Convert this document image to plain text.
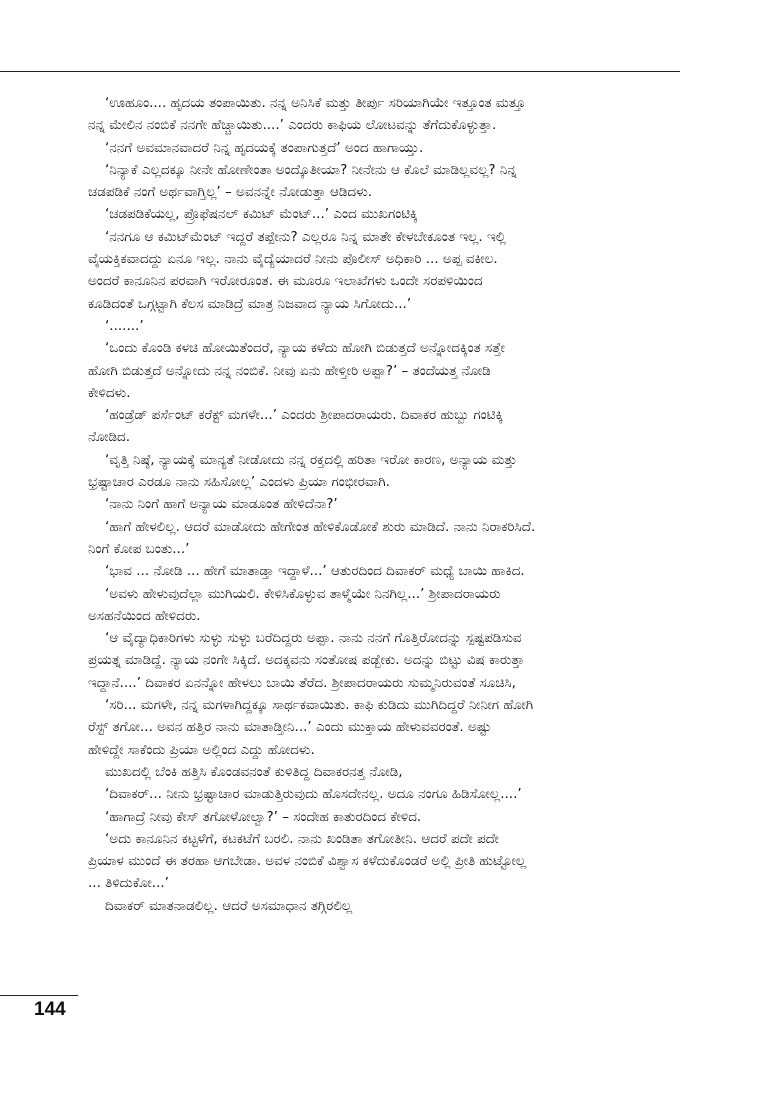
‘ಊಹೂಂ.... ಹೃದಯ ತಂಪಾಯಿತು. ನನ್ನ ಅನಿಸಿಕೆ ಮತ್ತು ತೀರ್ಪು ಸರಿಯಾಗಿಯೇ ಇತ್ತೂಂತ ಮತ್ತೂ
ನನ್ನ ಮೇಲಿನ ನಂಬಿಕೆ ನನಗೇ ಹೆಚ್ಚಾಯಿತು....’ ಎಂದರು ಕಾಫಿಯ ಲೋಟವನ್ನು ತೆಗೆದುಕೊಳ್ಳುತ್ತಾ.
‘ನನಗೆ ಅವಮಾನವಾದರೆ ನಿನ್ನ ಹೃದಯಕ್ಕೆ ತಂಪಾಗುತ್ತದೆ’ ಅಂದ ಹಾಗಾಯ್ತು.
‘ನಿನ್ಯಾಕೆ ಎಲ್ಲದಕ್ಕೂ ನೀನೇ ಹೋಣೇಂತಾ ಅಂದ್ಕೊತೀಯಾ? ನೀನೇನು ಆ ಕೊಲೆ ಮಾಡಿಲ್ಲವಲ್ಲ? ನಿನ್ನ
ಚಡಪಡಿಕೆ ನಂಗೆ ಅರ್ಥವಾಗ್ತಿಲ್ಲ’ – ಅವನನ್ನೇ ನೋಡುತ್ತಾ ಆಡಿದಳು.
‘ಚಡಪಡಿಕೆಯಲ್ಲ, ಪ್ರೊಫೆಷನಲ್ ಕಮಿಟ್ ಮೆಂಟ್...’ ಎಂದ ಮುಖಗಂಟಿಕ್ಕಿ
‘ನನಗೂ ಆ ಕಮಿಟ್‌ಮೆಂಟ್ ಇದ್ದರೆ ತಪ್ಪೇನು? ಎಲ್ಲರೂ ನಿನ್ನ ಮಾತೇ ಕೇಳಬೇಕೂಂತ ಇಲ್ಲ. ಇಲ್ಲಿ
ವೈಯಕ್ತಿಕವಾದದ್ದು ಏನೂ ಇಲ್ಲ. ನಾನು ವೈದ್ಯೆಯಾದರೆ ನೀನು ಪೊಲೀಸ್ ಅಧಿಕಾರಿ ... ಅಪ್ಪ ವಕೀಲ.
ಅಂದರೆ ಕಾನೂನಿನ ಪರವಾಗಿ ಇರೋರೂಂತ. ಈ ಮೂರೂ ಇಲಾಖೆಗಳು ಒಂದೇ ಸರಪಳಿಯಿಂದ
ಕೂಡಿದಂತೆ ಒಗ್ಗಟ್ಟಾಗಿ ಕೆಲಸ ಮಾಡಿದ್ರೆ ಮಾತ್ರ ನಿಜವಾದ ನ್ಯಾಯ ಸಿಗೋದು...’
‘.......’
‘ಒಂದು ಕೊಂಡಿ ಕಳಚಿ ಹೋಯಿತೆಂದರೆ, ನ್ಯಾಯ ಕಳೆದು ಹೋಗಿ ಬಿಡುತ್ತದೆ ಅನ್ನೋದಕ್ಕಿಂತ ಸತ್ತೇ
ಹೋಗಿ ಬಿಡುತ್ತದೆ ಅನ್ನೋದು ನನ್ನ ನಂಬಿಕೆ. ನೀವು ಏನು ಹೇಳ್ತೀರಿ ಅಪ್ಪಾ?’ – ತಂದೆಯತ್ತ ನೋಡಿ
ಕೇಳಿದಳು.
‘ಹಂಡ್ರೆಡ್ ಪರ್ಸೆಂಟ್ ಕರೆಕ್ಟ್ ಮಗಳೇ...’ ಎಂದರು ಶ್ರೀಪಾದರಾಯರು. ದಿವಾಕರ ಹುಬ್ಬು ಗಂಟಿಕ್ಕಿ
ನೋಡಿದ.
‘ವೃತ್ತಿ ನಿಷ್ಠೆ, ನ್ಯಾಯಕ್ಕೆ ಮಾನ್ಯತೆ ನೀಡೋದು ನನ್ನ ರಕ್ತದಲ್ಲಿ ಹರಿತಾ ಇರೋ ಕಾರಣ, ಅನ್ಯಾಯ ಮತ್ತು
ಭ್ರಷ್ಟಾಚಾರ ಎರಡೂ ನಾನು ಸಹಿಸೋಲ್ಲ’ ಎಂದಳು ಪ್ರಿಯಾ ಗಂಭೀರವಾಗಿ.
‘ನಾನು ನಿಂಗೆ ಹಾಗೆ ಅನ್ಯಾಯ ಮಾಡೂಂತ ಹೇಳಿದೆನಾ?’
‘ಹಾಗೆ ಹೇಳಲಿಲ್ಲ. ಆದರೆ ಮಾಡೋದು ಹೇಗೇಂತ ಹೇಳಿಕೊಡೋಕೆ ಶುರು ಮಾಡಿದೆ. ನಾನು ನಿರಾಕರಿಸಿದೆ.
ನಿಂಗೆ ಕೋಪ ಬಂತು...’
‘ಭಾವ ... ನೋಡಿ ... ಹೇಗೆ ಮಾತಾಡ್ತಾ ಇದ್ದಾಳೆ...’ ಆತುರದಿಂದ ದಿವಾಕರ್ ಮಧ್ಯೆ ಬಾಯಿ ಹಾಕಿದ.
‘ಅವಳು ಹೇಳುವುದೆಲ್ಲಾ ಮುಗಿಯಲಿ. ಕೇಳಿಸಿಕೊಳ್ಳುವ ತಾಳ್ಮೆಯೇ ನಿನಗಿಲ್ಲ...’ ಶ್ರೀಪಾದರಾಯರು
ಅಸಹನೆಯಿಂದ ಹೇಳಿದರು.
‘ಆ ವೈದ್ಯಾಧಿಕಾರಿಗಳು ಸುಳ್ಳು ಸುಳ್ಳು ಬರೆದಿದ್ದರು ಅಪ್ಪಾ. ನಾನು ನನಗೆ ಗೊತ್ತಿರೋದನ್ನು ಸ್ಪಷ್ಟಪಡಿಸುವ
ಪ್ರಯತ್ನ ಮಾಡಿದ್ದೆ. ನ್ಯಾಯ ನಂಗೇ ಸಿಕ್ಕಿದೆ. ಅದಕ್ಕವನು ಸಂತೋಷ ಪಡ್ಬೇಕು. ಅದನ್ನು ಬಿಟ್ಟು ವಿಷ ಕಾರುತ್ತಾ
ಇದ್ದಾನೆ....’ ದಿವಾಕರ ಏನನ್ನೋ ಹೇಳಲು ಬಾಯಿ ತೆರೆದ. ಶ್ರೀಪಾದರಾಯರು ಸುಮ್ಮನಿರುವಂತೆ ಸೂಚಿಸಿ,
‘ಸರಿ... ಮಗಳೇ, ನನ್ನ ಮಗಳಾಗಿದ್ದಕ್ಕೂ ಸಾರ್ಥಕವಾಯಿತು. ಕಾಫಿ ಕುಡಿದು ಮುಗಿದಿದ್ದರೆ ನೀನೀಗ ಹೋಗಿ
ರೆಸ್ಟ್ ತಗೋ... ಅವನ ಹತ್ತಿರ ನಾನು ಮಾತಾಡ್ತೀನಿ...’ ಎಂದು ಮುಕ್ತಾಯ ಹೇಳುವವರಂತೆ. ಅಷ್ಟು
ಹೇಳಿದ್ದೇ ಸಾಕೆಂದು ಪ್ರಿಯಾ ಅಲ್ಲಿಂದ ಎದ್ದು ಹೋದಳು.
ಮುಖದಲ್ಲಿ ಬೆಂಕಿ ಹತ್ತಿಸಿ ಕೊಂಡವನಂತೆ ಕುಳಿತಿದ್ದ ದಿವಾಕರನತ್ತ ನೋಡಿ,
‘ದಿವಾಕರ್... ನೀನು ಭ್ರಷ್ಟಾಚಾರ ಮಾಡುತ್ತಿರುವುದು ಹೊಸದೇನಲ್ಲ. ಅದೂ ನಂಗೂ ಹಿಡಿಸೋಲ್ಲ....’
‘ಹಾಗಾದ್ರೆ ನೀವು ಕೇಸ್ ತಗೋಳೋಲ್ವಾ?’ – ಸಂದೇಹ ಕಾತುರದಿಂದ ಕೇಳಿದ.
‘ಅದು ಕಾನೂನಿನ ಕಟ್ಟಳೆಗೆ, ಕಟಕಟೆಗೆ ಬರಲಿ. ನಾನು ಖಂಡಿತಾ ತಗೋತೀನಿ. ಆದರೆ ಪದೇ ಪದೇ
ಪ್ರಿಯಾಳ ಮುಂದೆ ಈ ತರಹಾ ಆಗಬೇಡಾ. ಅವಳ ನಂಬಿಕೆ ವಿಶ್ವಾಸ ಕಳೆದುಕೊಂಡರೆ ಅಲ್ಲಿ ಪ್ರೀತಿ ಹುಟ್ಟೋಲ್ಲ
... ತಿಳಿದುಕೋ...’
ದಿವಾಕರ್ ಮಾತನಾಡಲಿಲ್ಲ. ಆದರೆ ಅಸಮಾಧಾನ ತಗ್ಗಿರಲಿಲ್ಲ
144
